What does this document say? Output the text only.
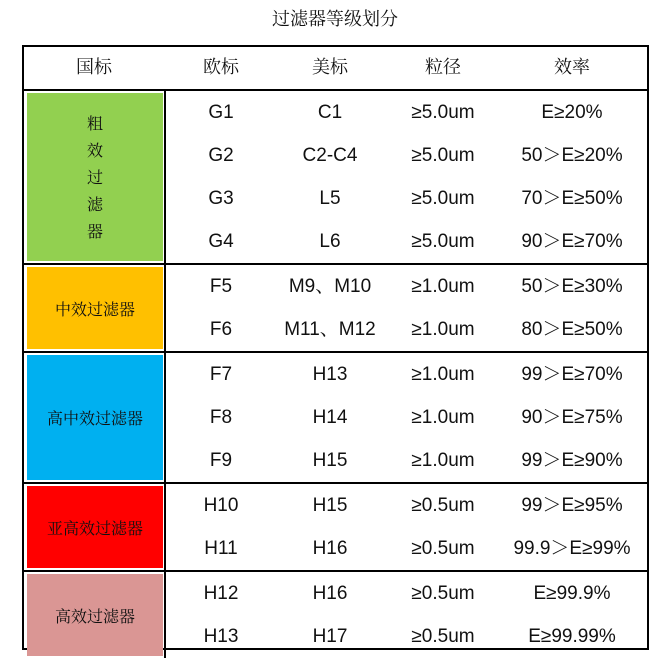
过滤器等级划分
国标	欧标	美标	粒径	效率
粗效过滤器
G1	C1	≥5.0um	E≥20%
G2	C2-C4	≥5.0um	50＞E≥20%
G3	L5	≥5.0um	70＞E≥50%
G4	L6	≥5.0um	90＞E≥70%
中效过滤器
F5	M9、M10	≥1.0um	50＞E≥30%
F6	M11、M12	≥1.0um	80＞E≥50%
高中效过滤器
F7	H13	≥1.0um	99＞E≥70%
F8	H14	≥1.0um	90＞E≥75%
F9	H15	≥1.0um	99＞E≥90%
亚高效过滤器
H10	H15	≥0.5um	99＞E≥95%
H11	H16	≥0.5um	99.9＞E≥99%
高效过滤器
H12	H16	≥0.5um	E≥99.9%
H13	H17	≥0.5um	E≥99.99%
